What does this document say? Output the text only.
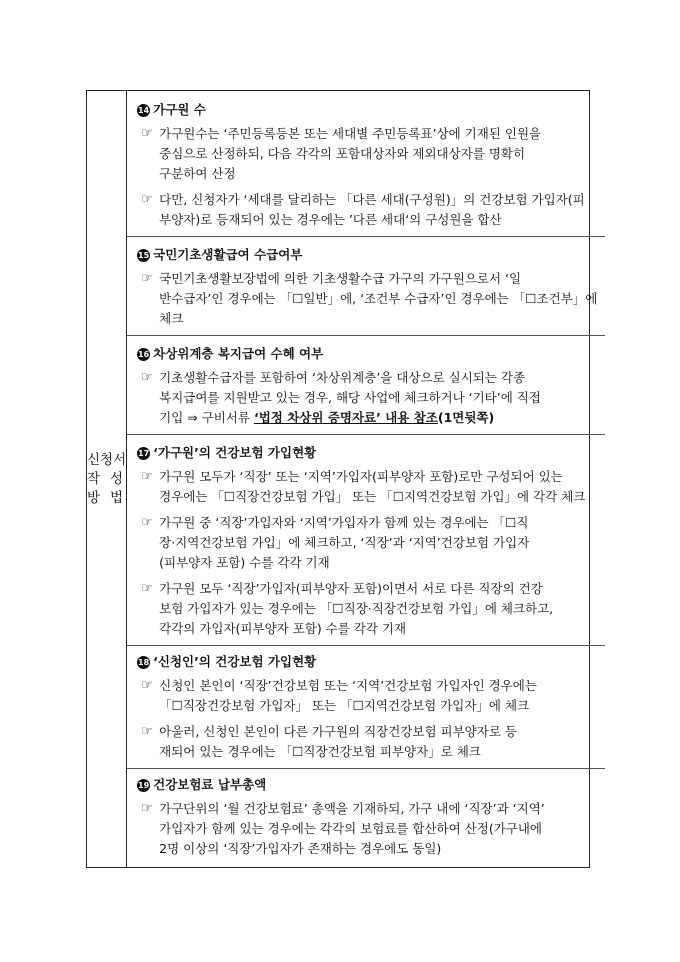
신청서
작 성
방 법
14 가구원 수
☞ 가구원수는 ‘주민등록등본 또는 세대별 주민등록표’상에 기재된 인원을
중심으로 산정하되, 다음 각각의 포함대상자와 제외대상자를 명확히
구분하여 산정
☞ 다만, 신청자가 ‘세대를 달리하는 「다른 세대(구성원)」의 건강보험 가입자(피
부양자)로 등재되어 있는 경우에는 ’다른 세대‘의 구성원을 합산
15 국민기초생활급여 수급여부
☞ 국민기초생활보장법에 의한 기초생활수급 가구의 가구원으로서 ‘일
반수급자’인 경우에는 「☐일반」에, ‘조건부 수급자’인 경우에는 「☐조건부」에
체크
16 차상위계층 복지급여 수혜 여부
☞ 기초생활수급자를 포함하여 ‘차상위계층’을 대상으로 실시되는 각종
복지급여를 지원받고 있는 경우, 해당 사업에 체크하거나 ‘기타’에 직접
기입 ⇒ 구비서류 ‘법정 차상위 증명자료’ 내용 참조(1면뒷쪽)
17 ‘가구원’의 건강보험 가입현황
☞ 가구원 모두가 ‘직장’ 또는 ‘지역’가입자(피부양자 포함)로만 구성되어 있는
경우에는 「☐직장건강보험 가입」 또는 「☐지역건강보험 가입」에 각각 체크
☞ 가구원 중 ‘직장’가입자와 ‘지역’가입자가 함께 있는 경우에는 「☐직
장·지역건강보험 가입」에 체크하고, ‘직장’과 ‘지역’건강보험 가입자
(피부양자 포함) 수를 각각 기재
☞ 가구원 모두 ‘직장’가입자(피부양자 포함)이면서 서로 다른 직장의 건강
보험 가입자가 있는 경우에는 「☐직장·직장건강보험 가입」에 체크하고,
각각의 가입자(피부양자 포함) 수를 각각 기재
18 ‘신청인’의 건강보험 가입현황
☞ 신청인 본인이 ‘직장’건강보험 또는 ‘지역’건강보험 가입자인 경우에는
「☐직장건강보험 가입자」 또는 「☐지역건강보험 가입자」에 체크
☞ 아울러, 신청인 본인이 다른 가구원의 직장건강보험 피부양자로 등
재되어 있는 경우에는 「☐직장건강보험 피부양자」로 체크
19 건강보험료 납부총액
☞ 가구단위의 ‘월 건강보험료’ 총액을 기재하되, 가구 내에 ‘직장’과 ‘지역’
가입자가 함께 있는 경우에는 각각의 보험료를 합산하여 산정(가구내에
2명 이상의 ‘직장’가입자가 존재하는 경우에도 동일)
